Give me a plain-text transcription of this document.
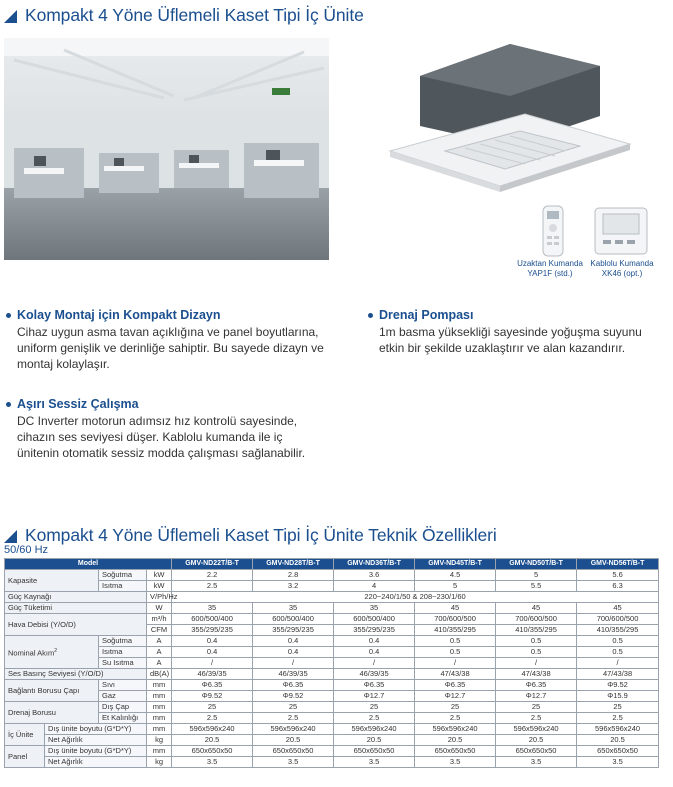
Kompakt 4 Yöne Üflemeli Kaset Tipi İç Ünite
Uzaktan Kumanda
YAP1F (std.)
Kablolu Kumanda
XK46 (opt.)
Kolay Montaj için Kompakt Dizayn
Cihaz uygun asma tavan açıklığına ve panel boyutlarına, uniform genişlik ve derinliğe sahiptir. Bu sayede dizayn ve montaj kolaylaşır.
Drenaj Pompası
1m basma yüksekliği sayesinde yoğuşma suyunu etkin bir şekilde uzaklaştırır ve alan kazandırır.
Aşırı Sessiz Çalışma
DC Inverter motorun adımsız hız kontrolü sayesinde, cihazın ses seviyesi düşer. Kablolu kumanda ile iç ünitenin otomatik sessiz modda çalışması sağlanabilir.
Kompakt 4 Yöne Üflemeli Kaset Tipi İç Ünite Teknik Özellikleri
50/60 Hz
Model				GMV-ND22T/B-T	GMV-ND28T/B-T	GMV-ND36T/B-T	GMV-ND45T/B-T	GMV-ND50T/B-T	GMV-ND56T/B-T
Kapasite		Soğutma	kW	2.2	2.8	3.6	4.5	5	5.6
		Isıtma	kW	2.5	3.2	4	5	5.5	6.3
Güç Kaynağı			V/Ph/Hz	220~240/1/50 & 208~230/1/60					
Güç Tüketimi			W	35	35	35	45	45	45
Hava Debisi (Y/O/D)			m³/h	600/500/400	600/500/400	600/500/400	700/600/500	700/600/500	700/600/500
			CFM	355/295/235	355/295/235	355/295/235	410/355/295	410/355/295	410/355/295
Nominal Akım$^2$		Soğutma	A	0.4	0.4	0.4	0.5	0.5	0.5
		Isıtma	A	0.4	0.4	0.4	0.5	0.5	0.5
		Su Isıtma	A	/	/	/	/	/	/
Ses Basınç Seviyesi (Y/O/D)			dB(A)	46/39/35	46/39/35	46/39/35	47/43/38	47/43/38	47/43/38
Bağlantı Borusu Çapı		Sıvı	mm	Φ6.35	Φ6.35	Φ6.35	Φ6.35	Φ6.35	Φ9.52
		Gaz	mm	Φ9.52	Φ9.52	Φ12.7	Φ12.7	Φ12.7	Φ15.9
Drenaj Borusu		Dış Çap	mm	25	25	25	25	25	25
		Et Kalınlığı	mm	2.5	2.5	2.5	2.5	2.5	2.5
İç Ünite	Dış ünite boyutu (G*D*Y)		mm	596x596x240	596x596x240	596x596x240	596x596x240	596x596x240	596x596x240
	Net Ağırlık		kg	20.5	20.5	20.5	20.5	20.5	20.5
Panel	Dış ünite boyutu (G*D*Y)		mm	650x650x50	650x650x50	650x650x50	650x650x50	650x650x50	650x650x50
	Net Ağırlık		kg	3.5	3.5	3.5	3.5	3.5	3.5
